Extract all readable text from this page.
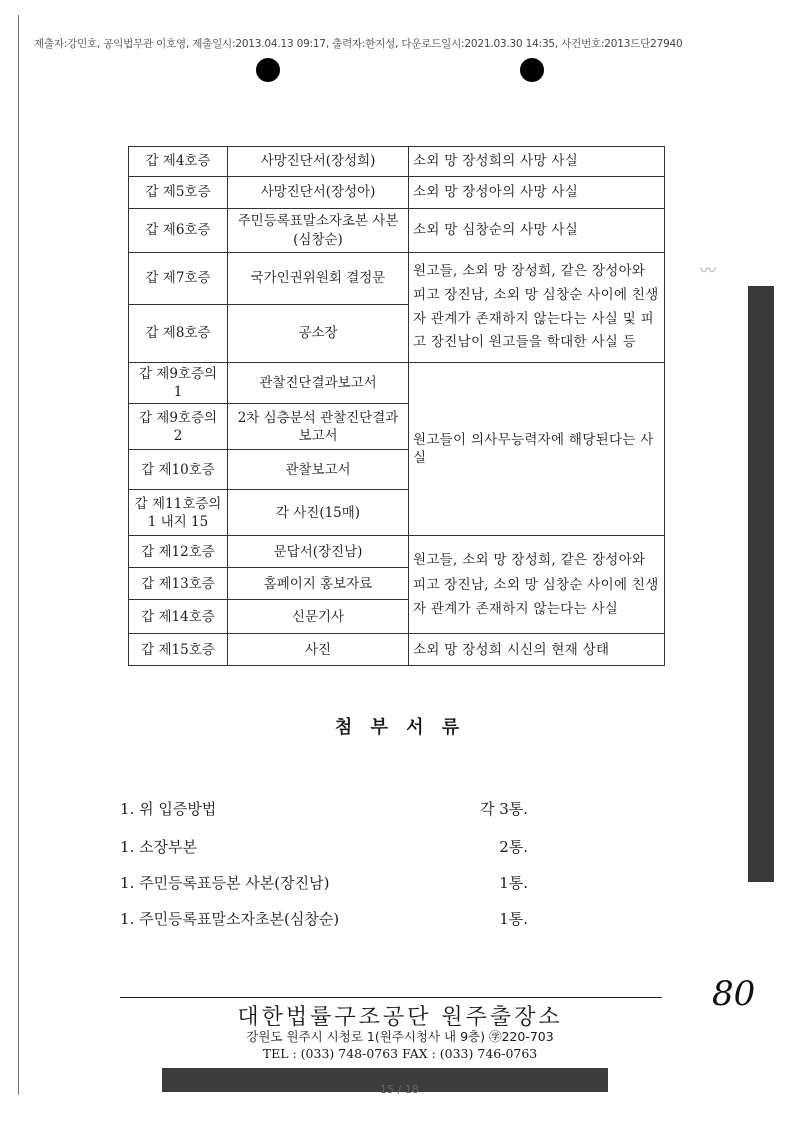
제출자:강민호, 공익법무관 이호영, 제출일시:2013.04.13 09:17, 출력자:한지성, 다운로드일시:2021.03.30 14:35, 사건번호:2013드단27940
〰
갑 제4호증	사망진단서(장성희)	소외 망 장성희의 사망 사실
갑 제5호증	사망진단서(장성아)	소외 망 장성아의 사망 사실
갑 제6호증	주민등록표말소자초본 사본(심창순)	소외 망 심창순의 사망 사실
갑 제7호증	국가인권위원회 결정문	원고들, 소외 망 장성희, 같은 장성아와 피고 장진남, 소외 망 심창순 사이에 친생자 관계가 존재하지 않는다는 사실 및 피고 장진남이 원고들을 학대한 사실 등
갑 제8호증	공소장	
갑 제9호증의 1	관찰진단결과보고서	원고들이 의사무능력자에 해당된다는 사실
갑 제9호증의 2	2차 심층분석 관찰진단결과보고서	
갑 제10호증	관찰보고서	
갑 제11호증의 1 내지 15	각 사진(15매)	
갑 제12호증	문답서(장진남)	원고들, 소외 망 장성희, 같은 장성아와 피고 장진남, 소외 망 심창순 사이에 친생자 관계가 존재하지 않는다는 사실
갑 제13호증	홈페이지 홍보자료	
갑 제14호증	신문기사	
갑 제15호증	사진	소외 망 장성희 시신의 현재 상태
첨 부 서 류
1. 위 입증방법	각 3통.
1. 소장부본	2통.
1. 주민등록표등본 사본(장진남)	1통.
1. 주민등록표말소자초본(심창순)	1통.
80
대한법률구조공단 원주출장소
강원도 원주시 시청로 1(원주시청사 내 9층) ㊫220-703
TEL : (033) 748-0763 FAX : (033) 746-0763
15 / 18
